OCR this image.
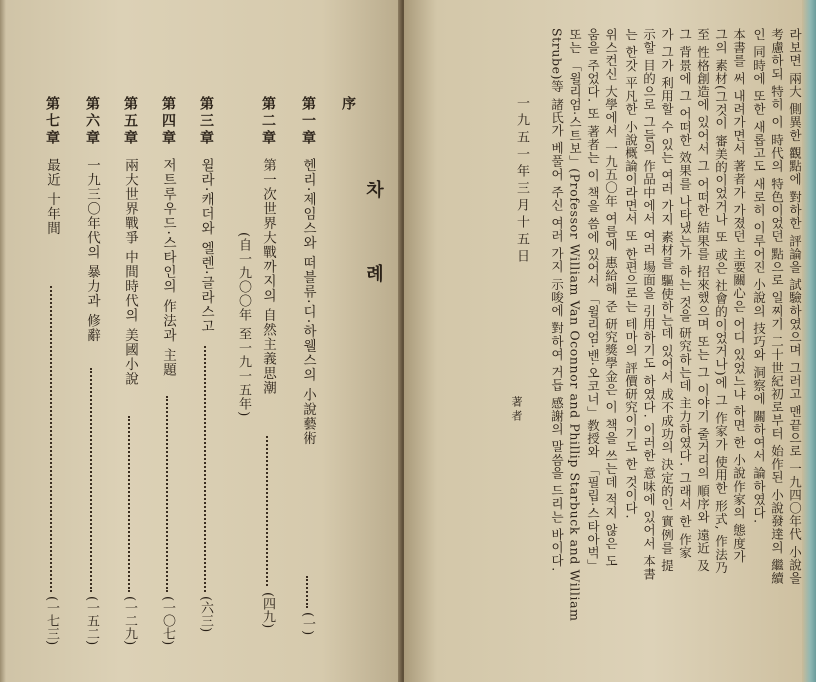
차 례
序
第一章
헨리·제임스와 떠블류·디·하웰스의 小說藝術
(一)
第二章
第一次世界大戰까지의 自然主義思潮
(四九)
(自一九〇〇年 至一九一五年)
第三章
윌라·캐더와 엘렌·글라스고
(六三)
第四章
저트루우드·스타인의 作法과 主題
(一〇七)
第五章
兩大世界戰爭 中間時代의 美國小說
(一二九)
第六章
一九三〇年代의 暴力과 修辭
(一五二)
第七章
最近 十年間
(一七三)
라보면 兩大 側異한 觀點에 對하한 評論을 試驗하였으며 그러고 맨끝으로 一九四〇年代 小說을
考慮하되 特히 이 時代의 特色이었던 點으로 일찌기 二十世紀初로부터 始作된 小說發達의 繼續
인 同時에 또한 새롭고도 새로히 이루어진 小說의 技巧와 洞察에 關하여서 論하였다.
本書를 써 내려가면서 著者가 가졌던 主要關心은 어디 있었느냐 하면 한 小說作家의 態度가
그의 素材(그것이 審美的이었거나 또 或은 社會的이었거나)에 그 作家가 使用한 形式, 作法乃
至 性格創造에 있어서 그 어떠한 結果를 招來했으며 또는 그 이야기 줄거리의 順序와 遠近 及
그 背景에 그 어떠한 效果를 나타냈는가 하는 것을 研究하는데 主力하였다. 그래서 한 作家
가 그가 利用할 수 있는 여러 가지 素材를 驅使하는데 있어서 成不成功의 決定的인 實例를 提
示할 目的으로 그들의 作品中에서 여러 場面을 引用하기도 하였다. 이러한 意味에 있어서 本書
는 한갓 平凡한 小說概論이라면서 또 한편으로는 테마의 評價研究이기도 한 것이다.
위스컨신 大學에서 一九五〇年 여름에 惠給해 준 研究獎學金은 이 책을 쓰는데 적지 않은 도
움을 주었다. 또 著者는 이 책을 씀에 있어서 「윌리엄·밴·오코너」教授와 「필립·스타아벅」
또는 「윌리엄·스트보」(Professor William Van Oconnor and Phillip Starbuck and William
Strube)等 諸氏가 베풀어 주신 여러 가지 示唆에 對하여 거듭 感謝의 말씀을 드리는 바이다.
一九五一年三月十五日
著者
